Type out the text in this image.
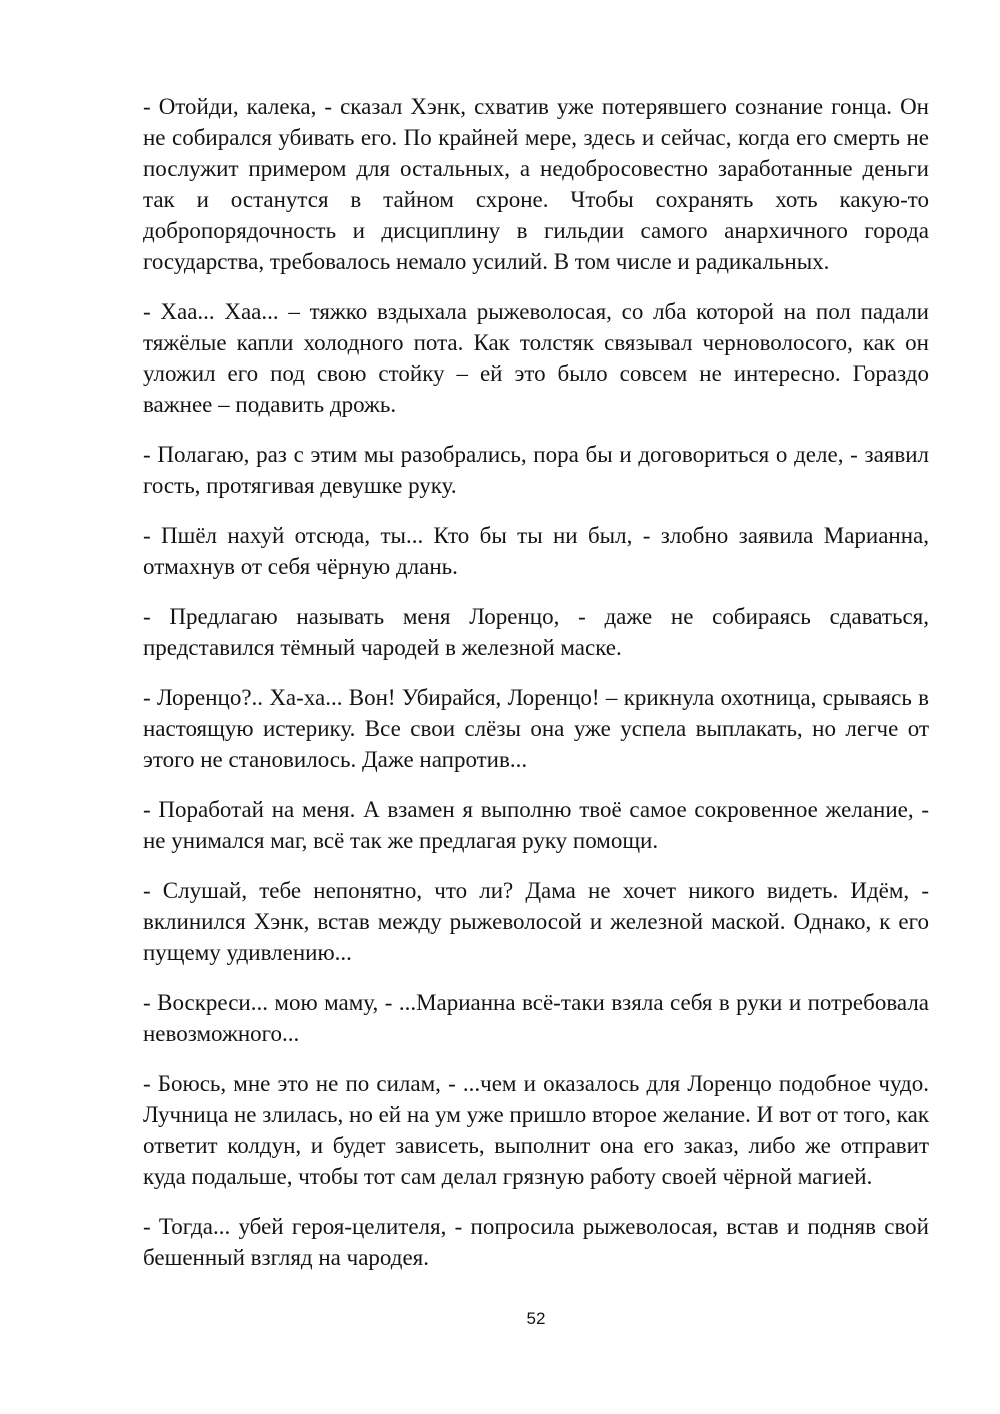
- Отойди, калека, - сказал Хэнк, схватив уже потерявшего сознание гонца. Он не собирался убивать его. По крайней мере, здесь и сейчас, когда его смерть не послужит примером для остальных, а недобросовестно заработанные деньги так и останутся в тайном схроне. Чтобы сохранять хоть какую-то добропорядочность и дисциплину в гильдии самого анархичного города государства, требовалось немало усилий. В том числе и радикальных.

- Хаа... Хаа... – тяжко вздыхала рыжеволосая, со лба которой на пол падали тяжёлые капли холодного пота. Как толстяк связывал черноволосого, как он уложил его под свою стойку – ей это было совсем не интересно. Гораздо важнее – подавить дрожь.

- Полагаю, раз с этим мы разобрались, пора бы и договориться о деле, - заявил гость, протягивая девушке руку.

- Пшёл нахуй отсюда, ты... Кто бы ты ни был, - злобно заявила Марианна, отмахнув от себя чёрную длань.

- Предлагаю называть меня Лоренцо, - даже не собираясь сдаваться, представился тёмный чародей в железной маске.

- Лоренцо?.. Ха-ха... Вон! Убирайся, Лоренцо! – крикнула охотница, срываясь в настоящую истерику. Все свои слёзы она уже успела выплакать, но легче от этого не становилось. Даже напротив...

- Поработай на меня. А взамен я выполню твоё самое сокровенное желание, - не унимался маг, всё так же предлагая руку помощи.

- Слушай, тебе непонятно, что ли? Дама не хочет никого видеть. Идём, - вклинился Хэнк, встав между рыжеволосой и железной маской. Однако, к его пущему удивлению...

- Воскреси... мою маму, - ...Марианна всё-таки взяла себя в руки и потребовала невозможного...

- Боюсь, мне это не по силам, - ...чем и оказалось для Лоренцо подобное чудо. Лучница не злилась, но ей на ум уже пришло второе желание. И вот от того, как ответит колдун, и будет зависеть, выполнит она его заказ, либо же отправит куда подальше, чтобы тот сам делал грязную работу своей чёрной магией.

- Тогда... убей героя-целителя, - попросила рыжеволосая, встав и подняв свой бешенный взгляд на чародея.

52
